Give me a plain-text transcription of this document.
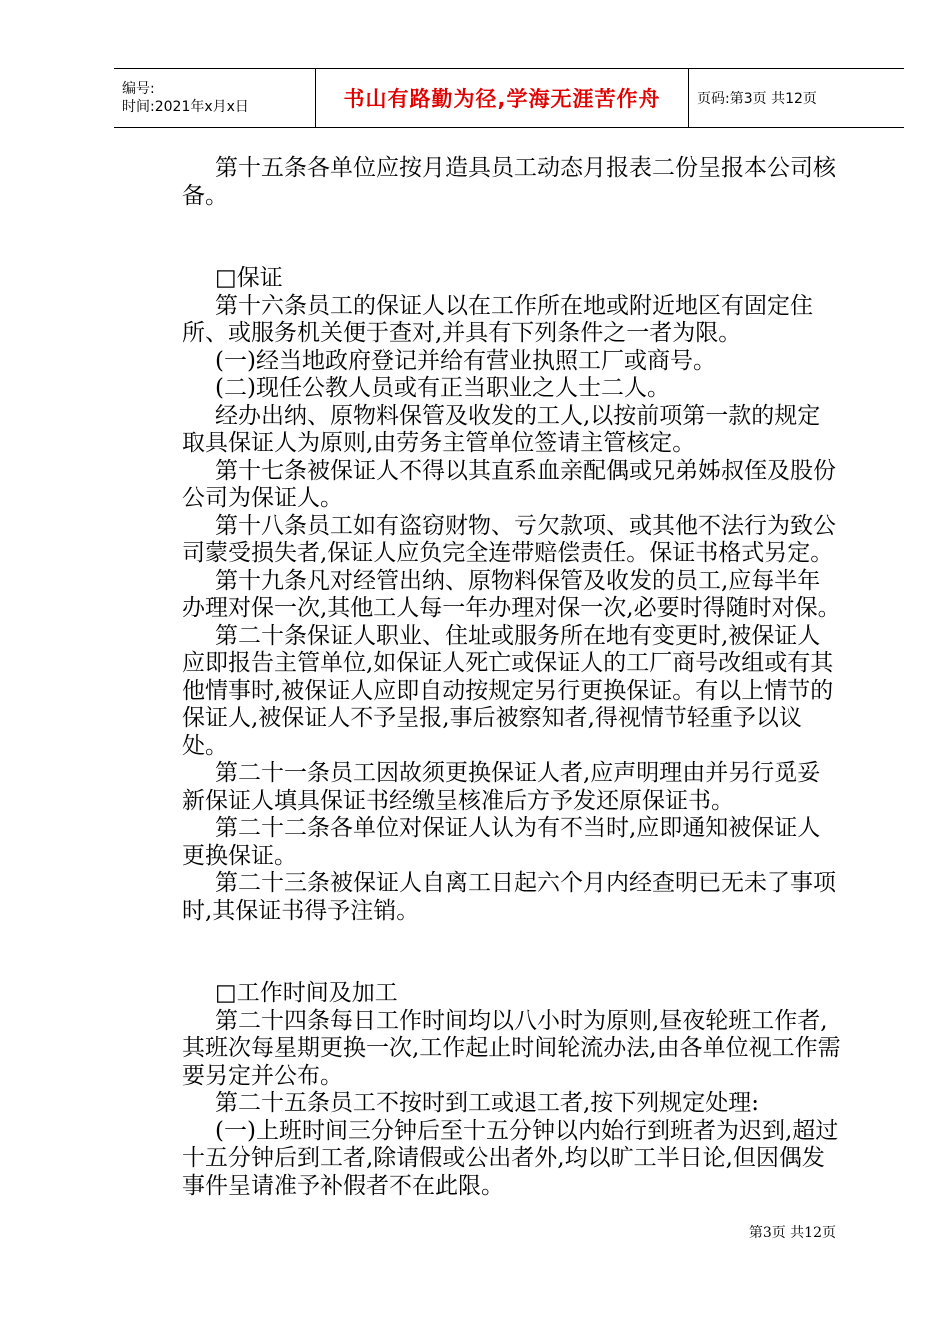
编号:
时间:2021年x月x日	书山有路勤为径,学海无涯苦作舟	页码:第3页 共12页

第十五条各单位应按月造具员工动态月报表二份呈报本公司核备。

□保证

第十六条员工的保证人以在工作所在地或附近地区有固定住所、或服务机关便于查对,并具有下列条件之一者为限。

(一)经当地政府登记并给有营业执照工厂或商号。

(二)现任公教人员或有正当职业之人士二人。

经办出纳、原物料保管及收发的工人,以按前项第一款的规定取具保证人为原则,由劳务主管单位签请主管核定。

第十七条被保证人不得以其直系血亲配偶或兄弟姊叔侄及股份公司为保证人。

第十八条员工如有盗窃财物、亏欠款项、或其他不法行为致公司蒙受损失者,保证人应负完全连带赔偿责任。保证书格式另定。

第十九条凡对经管出纳、原物料保管及收发的员工,应每半年办理对保一次,其他工人每一年办理对保一次,必要时得随时对保。

第二十条保证人职业、住址或服务所在地有变更时,被保证人应即报告主管单位,如保证人死亡或保证人的工厂商号改组或有其他情事时,被保证人应即自动按规定另行更换保证。有以上情节的保证人,被保证人不予呈报,事后被察知者,得视情节轻重予以议处。

第二十一条员工因故须更换保证人者,应声明理由并另行觅妥新保证人填具保证书经缴呈核准后方予发还原保证书。

第二十二条各单位对保证人认为有不当时,应即通知被保证人更换保证。

第二十三条被保证人自离工日起六个月内经查明已无未了事项时,其保证书得予注销。

□工作时间及加工

第二十四条每日工作时间均以八小时为原则,昼夜轮班工作者,其班次每星期更换一次,工作起止时间轮流办法,由各单位视工作需要另定并公布。

第二十五条员工不按时到工或退工者,按下列规定处理:

(一)上班时间三分钟后至十五分钟以内始行到班者为迟到,超过十五分钟后到工者,除请假或公出者外,均以旷工半日论,但因偶发事件呈请准予补假者不在此限。

第3页 共12页
